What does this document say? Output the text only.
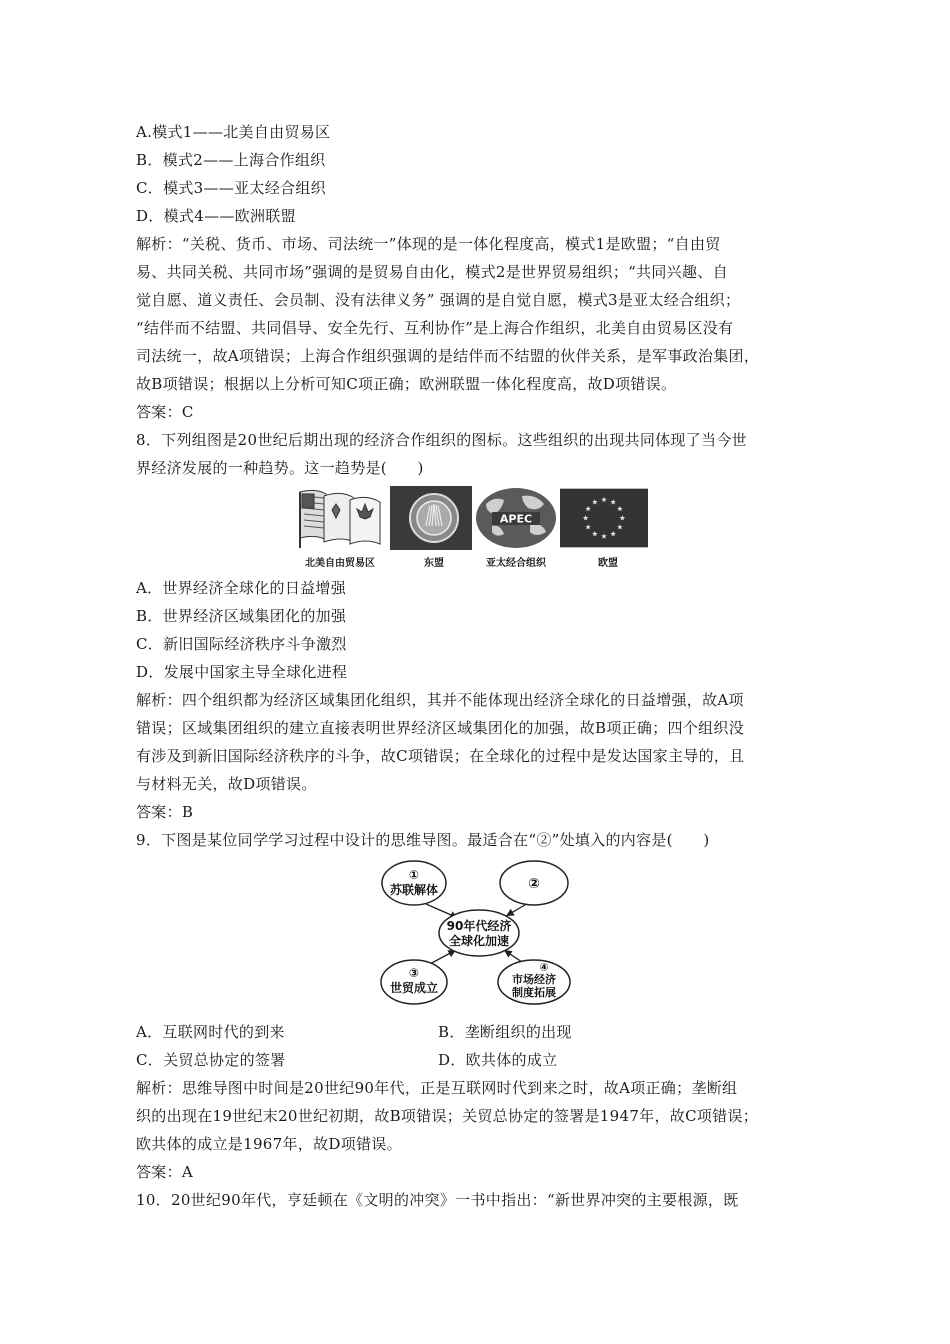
A.模式1——北美自由贸易区
B．模式2——上海合作组织
C．模式3——亚太经合组织
D．模式4——欧洲联盟
解析：“关税、货币、市场、司法统一”体现的是一体化程度高，模式1是欧盟；“自由贸
易、共同关税、共同市场”强调的是贸易自由化，模式2是世界贸易组织；“共同兴趣、自
觉自愿、道义责任、会员制、没有法律义务” 强调的是自觉自愿，模式3是亚太经合组织；
“结伴而不结盟、共同倡导、安全先行、互利协作”是上海合作组织，北美自由贸易区没有
司法统一，故A项错误；上海合作组织强调的是结伴而不结盟的伙伴关系，是军事政治集团，
故B项错误；根据以上分析可知C项正确；欧洲联盟一体化程度高，故D项错误。
答案：C
8．下列组图是20世纪后期出现的经济合作组织的图标。这些组织的出现共同体现了当今世
界经济发展的一种趋势。这一趋势是(　　)
APEC
北美自由贸易区	东盟	亚太经合组织	欧盟
A．世界经济全球化的日益增强
B．世界经济区域集团化的加强
C．新旧国际经济秩序斗争激烈
D．发展中国家主导全球化进程
解析：四个组织都为经济区域集团化组织，其并不能体现出经济全球化的日益增强，故A项
错误；区域集团组织的建立直接表明世界经济区域集团化的加强，故B项正确；四个组织没
有涉及到新旧国际经济秩序的斗争，故C项错误；在全球化的过程中是发达国家主导的，且
与材料无关，故D项错误。
答案：B
9．下图是某位同学学习过程中设计的思维导图。最适合在“②”处填入的内容是(　　)
①
苏联解体	②
90年代经济
全球化加速
③
世贸成立
④
市场经济
制度拓展
A．互联网时代的到来	B．垄断组织的出现
C．关贸总协定的签署	D．欧共体的成立
解析：思维导图中时间是20世纪90年代，正是互联网时代到来之时，故A项正确；垄断组
织的出现在19世纪末20世纪初期，故B项错误；关贸总协定的签署是1947年，故C项错误；
欧共体的成立是1967年，故D项错误。
答案：A
10．20世纪90年代，亨廷顿在《文明的冲突》一书中指出：“新世界冲突的主要根源，既
